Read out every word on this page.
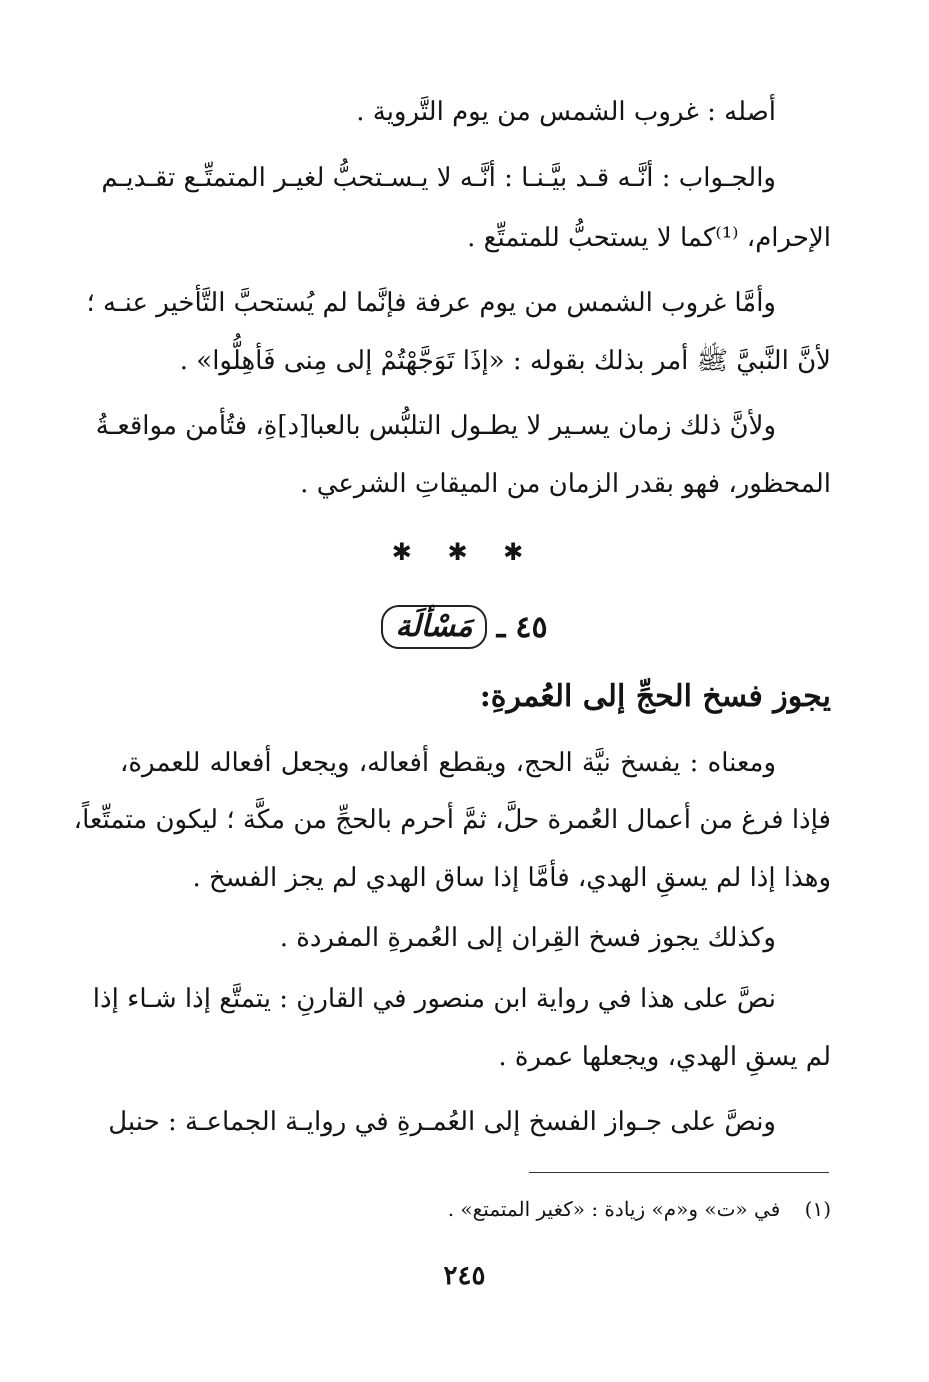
أصله : غروب الشمس من يوم التَّروية .
والجـواب : أنَّـه قـد بيَّـنـا : أنَّـه لا يـسـتحبُّ لغيـر المتمتِّـع تقـديـم
الإحرام، ⁽¹⁾كما لا يستحبُّ للمتمتِّع .
وأمَّا غروب الشمس من يوم عرفة فإنَّما لم يُستحبَّ التَّأخير عنـه ؛
لأنَّ النَّبيَّ ﷺ أمر بذلك بقوله : «إذَا تَوَجَّهْتُمْ إلى مِنى فَأهِلُّوا» .
ولأنَّ ذلك زمان يسـير لا يطـول التلبُّس بالعبا[د]ةِ، فتُأمن مواقعـةُ
المحظور، فهو بقدر الزمان من الميقاتِ الشرعي .
✱ ✱ ✱
٤٥
ـ
مَسْألَة
يجوز فسخ الحجِّ إلى العُمرةِ:
ومعناه : يفسخ نيَّة الحج، ويقطع أفعاله، ويجعل أفعاله للعمرة،
فإذا فرغ من أعمال العُمرة حلَّ، ثمَّ أحرم بالحجِّ من مكَّة ؛ ليكون متمتِّعاً،
وهذا إذا لم يسقِ الهدي، فأمَّا إذا ساق الهدي لم يجز الفسخ .
وكذلك يجوز فسخ القِران إلى العُمرةِ المفردة .
نصَّ على هذا في رواية ابن منصور في القارنِ : يتمتَّع إذا شـاء إذا
لم يسقِ الهدي، ويجعلها عمرة .
ونصَّ على جـواز الفسخ إلى العُمـرةِ في روايـة الجماعـة : حنبل
(١) في «ت» و«م» زيادة : «كغير المتمتع» .
٢٤٥
